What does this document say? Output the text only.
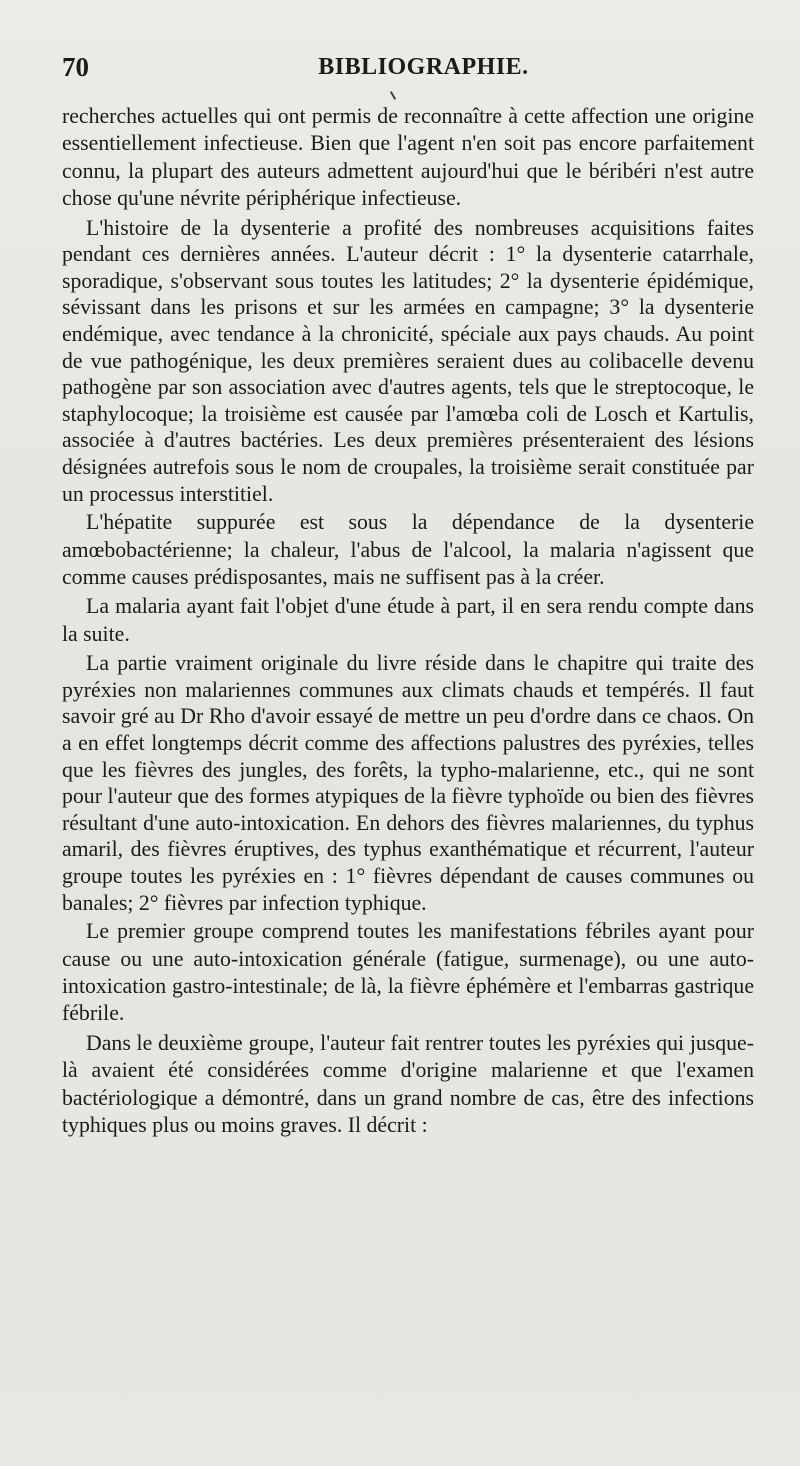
70	BIBLIOGRAPHIE.

recherches actuelles qui ont permis de reconnaître à cette affection une origine essentiellement infectieuse. Bien que l'agent n'en soit pas encore parfaitement connu, la plupart des auteurs admettent aujourd'hui que le béribéri n'est autre chose qu'une névrite périphérique infectieuse.

L'histoire de la dysenterie a profité des nombreuses acquisitions faites pendant ces dernières années. L'auteur décrit : 1° la dysenterie catarrhale, sporadique, s'observant sous toutes les latitudes; 2° la dysenterie épidémique, sévissant dans les prisons et sur les armées en campagne; 3° la dysenterie endémique, avec tendance à la chronicité, spéciale aux pays chauds. Au point de vue pathogénique, les deux premières seraient dues au colibacelle devenu pathogène par son association avec d'autres agents, tels que le streptocoque, le staphylocoque; la troisième est causée par l'amœba coli de Losch et Kartulis, associée à d'autres bactéries. Les deux premières présenteraient des lésions désignées autrefois sous le nom de croupales, la troisième serait constituée par un processus interstitiel.

L'hépatite suppurée est sous la dépendance de la dysenterie amœbobactérienne; la chaleur, l'abus de l'alcool, la malaria n'agissent que comme causes prédisposantes, mais ne suffisent pas à la créer.

La malaria ayant fait l'objet d'une étude à part, il en sera rendu compte dans la suite.

La partie vraiment originale du livre réside dans le chapitre qui traite des pyréxies non malariennes communes aux climats chauds et tempérés. Il faut savoir gré au Dr Rho d'avoir essayé de mettre un peu d'ordre dans ce chaos. On a en effet longtemps décrit comme des affections palustres des pyréxies, telles que les fièvres des jungles, des forêts, la typho-malarienne, etc., qui ne sont pour l'auteur que des formes atypiques de la fièvre typhoïde ou bien des fièvres résultant d'une auto-intoxication. En dehors des fièvres malariennes, du typhus amaril, des fièvres éruptives, des typhus exanthématique et récurrent, l'auteur groupe toutes les pyréxies en : 1° fièvres dépendant de causes communes ou banales; 2° fièvres par infection typhique.

Le premier groupe comprend toutes les manifestations fébriles ayant pour cause ou une auto-intoxication générale (fatigue, surmenage), ou une auto-intoxication gastro-intestinale; de là, la fièvre éphémère et l'embarras gastrique fébrile.

Dans le deuxième groupe, l'auteur fait rentrer toutes les pyréxies qui jusque-là avaient été considérées comme d'origine malarienne et que l'examen bactériologique a démontré, dans un grand nombre de cas, être des infections typhiques plus ou moins graves. Il décrit :
